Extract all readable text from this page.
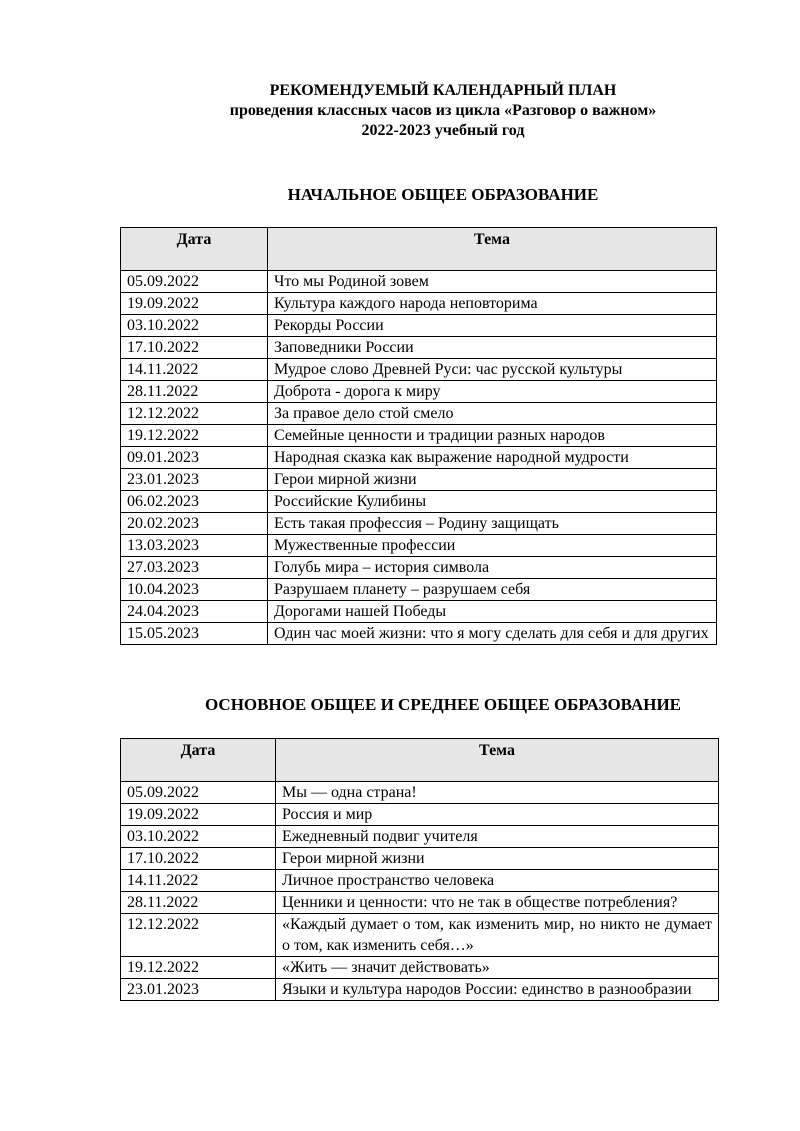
РЕКОМЕНДУЕМЫЙ КАЛЕНДАРНЫЙ ПЛАН

проведения классных часов из цикла «Разговор о важном»

2022-2023 учебный год

НАЧАЛЬНОЕ ОБЩЕЕ ОБРАЗОВАНИЕ

Дата	Тема
05.09.2022	Что мы Родиной зовем
19.09.2022	Культура каждого народа неповторима
03.10.2022	Рекорды России
17.10.2022	Заповедники России
14.11.2022	Мудрое слово Древней Руси: час русской культуры
28.11.2022	Доброта - дорога к миру
12.12.2022	За правое дело стой смело
19.12.2022	Семейные ценности и традиции разных народов
09.01.2023	Народная сказка как выражение народной мудрости
23.01.2023	Герои мирной жизни
06.02.2023	Российские Кулибины
20.02.2023	Есть такая профессия – Родину защищать
13.03.2023	Мужественные профессии
27.03.2023	Голубь мира – история символа
10.04.2023	Разрушаем планету – разрушаем себя
24.04.2023	Дорогами нашей Победы
15.05.2023	Один час моей жизни: что я могу сделать для себя и для других

ОСНОВНОЕ ОБЩЕЕ И СРЕДНЕЕ ОБЩЕЕ ОБРАЗОВАНИЕ

Дата	Тема
05.09.2022	Мы — одна страна!
19.09.2022	Россия и мир
03.10.2022	Ежедневный подвиг учителя
17.10.2022	Герои мирной жизни
14.11.2022	Личное пространство человека
28.11.2022	Ценники и ценности: что не так в обществе потребления?
12.12.2022	«Каждый думает о том, как изменить мир, но никто не думает о том, как изменить себя…»
19.12.2022	«Жить — значит действовать»
23.01.2023	Языки и культура народов России: единство в разнообразии
